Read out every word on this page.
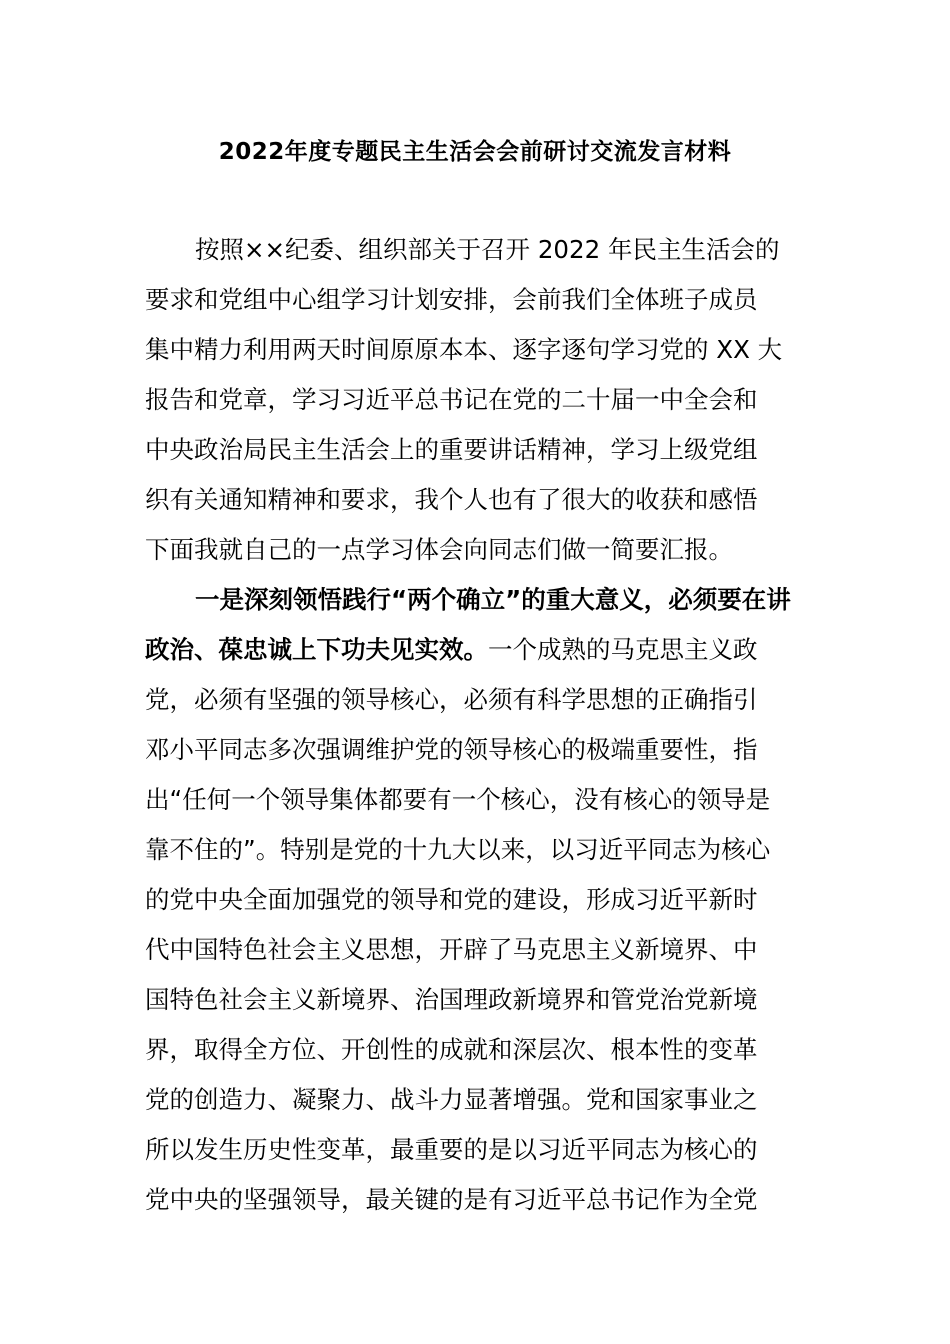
2022年度专题民主生活会会前研讨交流发言材料
按照××纪委、组织部关于召开 2022 年民主生活会的
要求和党组中心组学习计划安排，会前我们全体班子成员
集中精力利用两天时间原原本本、逐字逐句学习党的 XX 大
报告和党章，学习习近平总书记在党的二十届一中全会和
中央政治局民主生活会上的重要讲话精神，学习上级党组
织有关通知精神和要求，我个人也有了很大的收获和感悟
下面我就自己的一点学习体会向同志们做一简要汇报。
一是深刻领悟践行“两个确立”的重大意义，必须要在讲
政治、葆忠诚上下功夫见实效。一个成熟的马克思主义政
党，必须有坚强的领导核心，必须有科学思想的正确指引
邓小平同志多次强调维护党的领导核心的极端重要性，指
出“任何一个领导集体都要有一个核心，没有核心的领导是
靠不住的”。特别是党的十九大以来，以习近平同志为核心
的党中央全面加强党的领导和党的建设，形成习近平新时
代中国特色社会主义思想，开辟了马克思主义新境界、中
国特色社会主义新境界、治国理政新境界和管党治党新境
界，取得全方位、开创性的成就和深层次、根本性的变革
党的创造力、凝聚力、战斗力显著增强。党和国家事业之
所以发生历史性变革，最重要的是以习近平同志为核心的
党中央的坚强领导，最关键的是有习近平总书记作为全党
